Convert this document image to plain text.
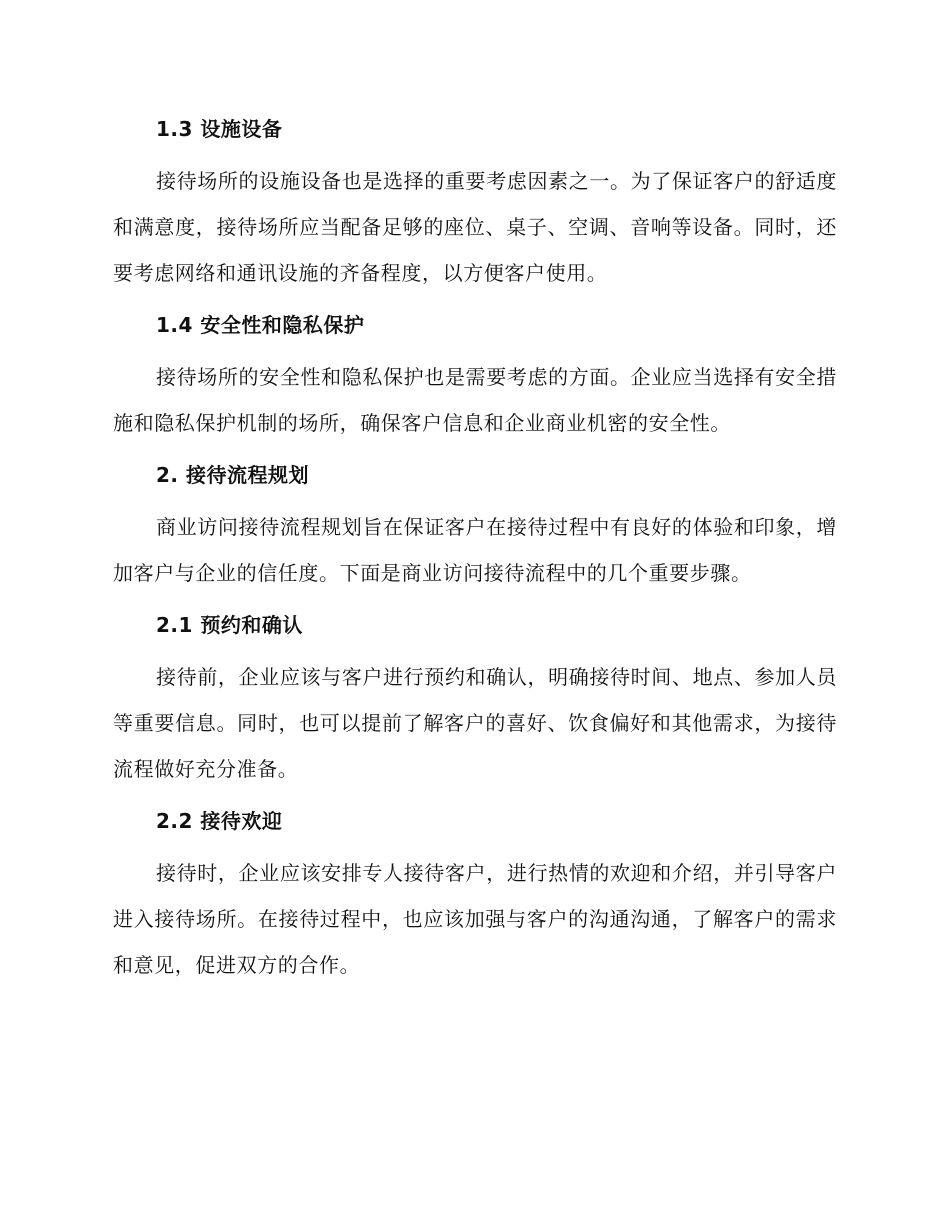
1.3 设施设备

接待场所的设施设备也是选择的重要考虑因素之一。为了保证客户的舒适度和满意度，接待场所应当配备足够的座位、桌子、空调、音响等设备。同时，还要考虑网络和通讯设施的齐备程度，以方便客户使用。

1.4 安全性和隐私保护

接待场所的安全性和隐私保护也是需要考虑的方面。企业应当选择有安全措施和隐私保护机制的场所，确保客户信息和企业商业机密的安全性。

2. 接待流程规划

商业访问接待流程规划旨在保证客户在接待过程中有良好的体验和印象，增加客户与企业的信任度。下面是商业访问接待流程中的几个重要步骤。

2.1 预约和确认

接待前，企业应该与客户进行预约和确认，明确接待时间、地点、参加人员等重要信息。同时，也可以提前了解客户的喜好、饮食偏好和其他需求，为接待流程做好充分准备。

2.2 接待欢迎

接待时，企业应该安排专人接待客户，进行热情的欢迎和介绍，并引导客户进入接待场所。在接待过程中，也应该加强与客户的沟通沟通，了解客户的需求和意见，促进双方的合作。
